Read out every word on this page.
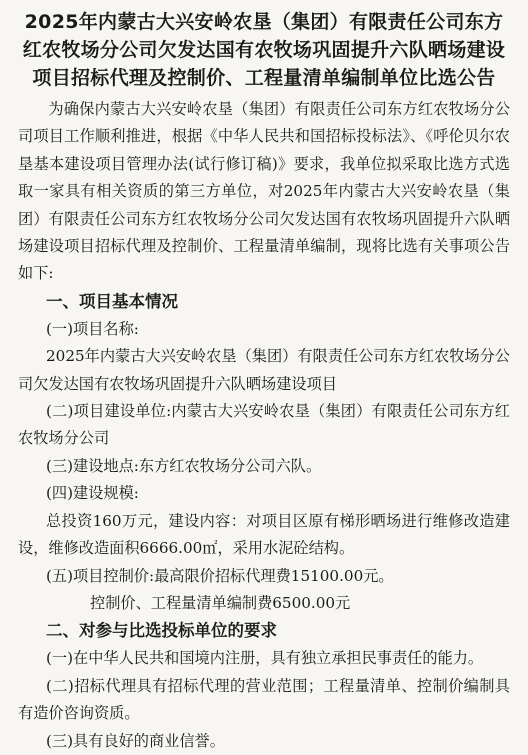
2025年内蒙古大兴安岭农垦（集团）有限责任公司东方红农牧场分公司欠发达国有农牧场巩固提升六队晒场建设项目招标代理及控制价、工程量清单编制单位比选公告

为确保内蒙古大兴安岭农垦（集团）有限责任公司东方红农牧场分公司项目工作顺利推进，根据《中华人民共和国招标投标法》、《呼伦贝尔农垦基本建设项目管理办法(试行修订稿)》要求，我单位拟采取比选方式选取一家具有相关资质的第三方单位，对2025年内蒙古大兴安岭农垦（集团）有限责任公司东方红农牧场分公司欠发达国有农牧场巩固提升六队晒场建设项目招标代理及控制价、工程量清单编制，现将比选有关事项公告如下:

一、项目基本情况

(一)项目名称:

2025年内蒙古大兴安岭农垦（集团）有限责任公司东方红农牧场分公司欠发达国有农牧场巩固提升六队晒场建设项目

(二)项目建设单位:内蒙古大兴安岭农垦（集团）有限责任公司东方红农牧场分公司

(三)建设地点:东方红农牧场分公司六队。

(四)建设规模:

总投资160万元，建设内容：对项目区原有梯形晒场进行维修改造建设，维修改造面积6666.00㎡，采用水泥砼结构。

(五)项目控制价:最高限价招标代理费15100.00元。

控制价、工程量清单编制费6500.00元

二、对参与比选投标单位的要求

(一)在中华人民共和国境内注册，具有独立承担民事责任的能力。

(二)招标代理具有招标代理的营业范围；工程量清单、控制价编制具有造价咨询资质。

(三)具有良好的商业信誉。
